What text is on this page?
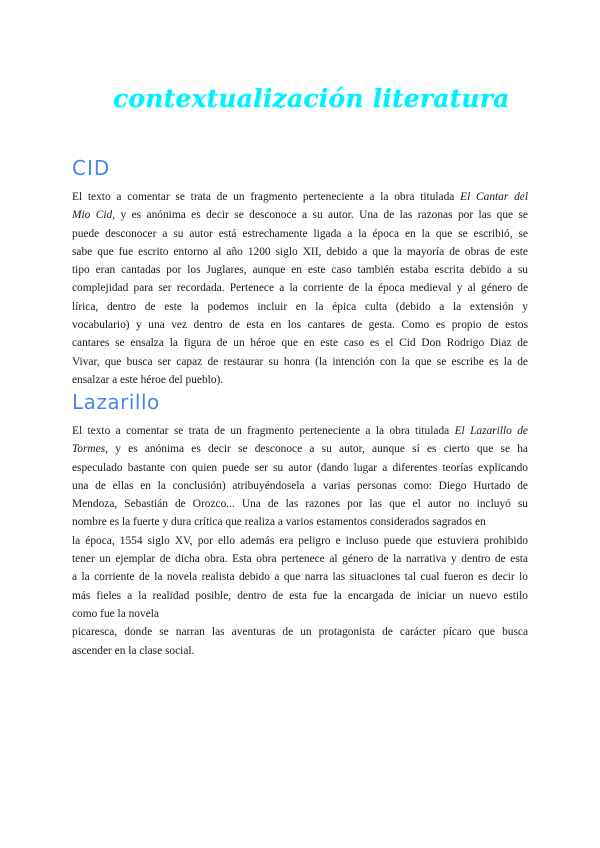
contextualización literatura
CID
El texto a comentar se trata de un fragmento perteneciente a la obra titulada El Cantar del
Mio Cid, y es anónima es decir se desconoce a su autor. Una de las razonas por las que se
puede desconocer a su autor está estrechamente ligada a la época en la que se escribió, se
sabe que fue escrito entorno al año 1200 siglo XII, debido a que la mayoría de obras de este
tipo eran cantadas por los Juglares, aunque en este caso también estaba escrita debido a su
complejidad para ser recordada. Pertenece a la corriente de la época medieval y al género de
lírica, dentro de este la podemos incluir en la épica culta (debido a la extensión y
vocabulario) y una vez dentro de esta en los cantares de gesta. Como es propio de estos
cantares se ensalza la figura de un héroe que en este caso es el Cid Don Rodrigo Diaz de
Vivar, que busca ser capaz de restaurar su honra (la intención con la que se escribe es la de
ensalzar a este héroe del pueblo).
Lazarillo
El texto a comentar se trata de un fragmento perteneciente a la obra titulada El Lazarillo de
Tormes, y es anónima es decir se desconoce a su autor, aunque sí es cierto que se ha
especulado bastante con quien puede ser su autor (dando lugar a diferentes teorías explicando
una de ellas en la conclusión) atribuyéndosela a varias personas como: Diego Hurtado de
Mendoza, Sebastián de Orozco... Una de las razones por las que el autor no incluyó su
nombre es la fuerte y dura crítica que realiza a varios estamentos considerados sagrados en
la época, 1554 siglo XV, por ello además era peligro e incluso puede que estuviera prohibido
tener un ejemplar de dicha obra. Esta obra pertenece al género de la narrativa y dentro de esta
a la corriente de la novela realista debido a que narra las situaciones tal cual fueron es decir lo
más fieles a la realidad posible, dentro de esta fue la encargada de iniciar un nuevo estilo
como fue la novela
picaresca, donde se narran las aventuras de un protagonista de carácter pícaro que busca
ascender en la clase social.
